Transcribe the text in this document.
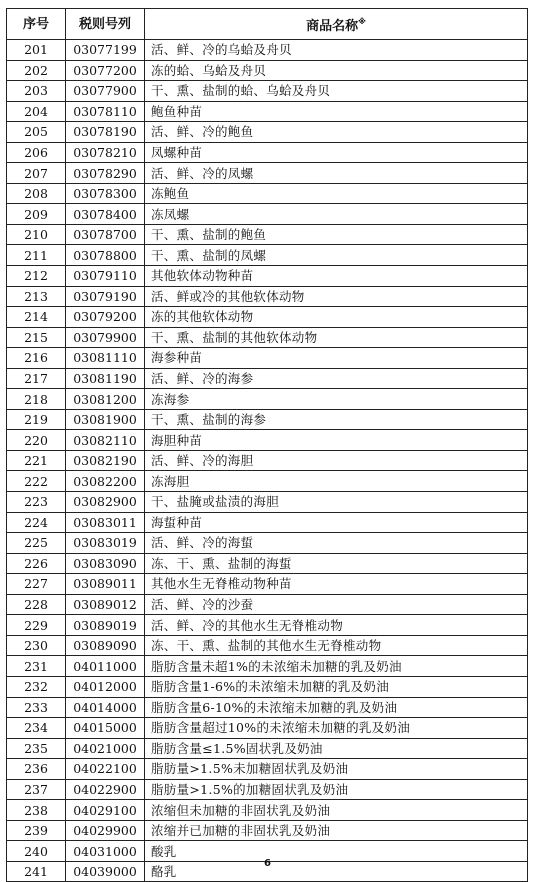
序号	税则号列	商品名称※
201	03077199	活、鲜、冷的乌蛤及舟贝
202	03077200	冻的蛤、乌蛤及舟贝
203	03077900	干、熏、盐制的蛤、乌蛤及舟贝
204	03078110	鲍鱼种苗
205	03078190	活、鲜、冷的鲍鱼
206	03078210	凤螺种苗
207	03078290	活、鲜、冷的凤螺
208	03078300	冻鲍鱼
209	03078400	冻凤螺
210	03078700	干、熏、盐制的鲍鱼
211	03078800	干、熏、盐制的凤螺
212	03079110	其他软体动物种苗
213	03079190	活、鲜或冷的其他软体动物
214	03079200	冻的其他软体动物
215	03079900	干、熏、盐制的其他软体动物
216	03081110	海参种苗
217	03081190	活、鲜、冷的海参
218	03081200	冻海参
219	03081900	干、熏、盐制的海参
220	03082110	海胆种苗
221	03082190	活、鲜、冷的海胆
222	03082200	冻海胆
223	03082900	干、盐腌或盐渍的海胆
224	03083011	海蜇种苗
225	03083019	活、鲜、冷的海蜇
226	03083090	冻、干、熏、盐制的海蜇
227	03089011	其他水生无脊椎动物种苗
228	03089012	活、鲜、冷的沙蚕
229	03089019	活、鲜、冷的其他水生无脊椎动物
230	03089090	冻、干、熏、盐制的其他水生无脊椎动物
231	04011000	脂肪含量未超1%的未浓缩未加糖的乳及奶油
232	04012000	脂肪含量1-6%的未浓缩未加糖的乳及奶油
233	04014000	脂肪含量6-10%的未浓缩未加糖的乳及奶油
234	04015000	脂肪含量超过10%的未浓缩未加糖的乳及奶油
235	04021000	脂肪含量≤1.5%固状乳及奶油
236	04022100	脂肪量>1.5%未加糖固状乳及奶油
237	04022900	脂肪量>1.5%的加糖固状乳及奶油
238	04029100	浓缩但未加糖的非固状乳及奶油
239	04029900	浓缩并已加糖的非固状乳及奶油
240	04031000	酸乳
241	04039000	酪乳
6
